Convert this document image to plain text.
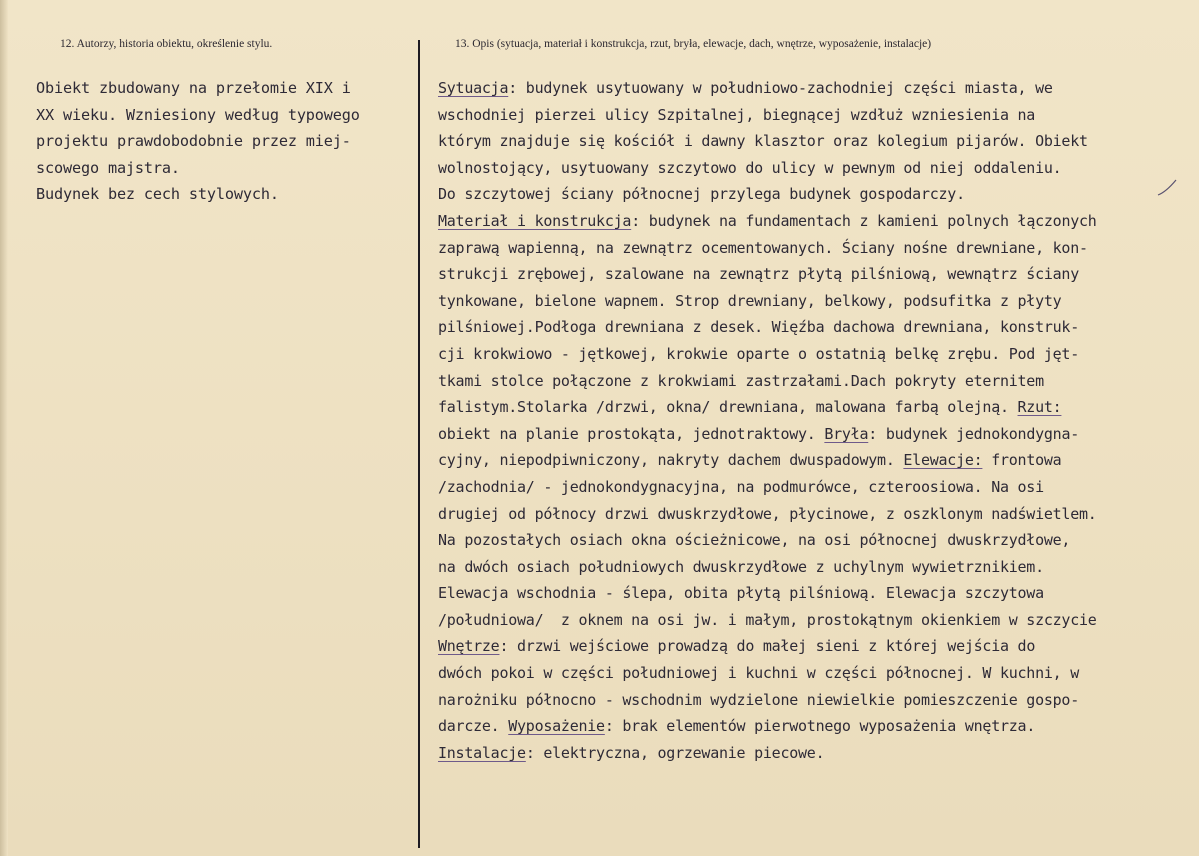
12. Autorzy, historia obiektu, określenie stylu.	13. Opis (sytuacja, materiał i konstrukcja, rzut, bryła, elewacje, dach, wnętrze, wyposażenie, instalacje)
Obiekt zbudowany na przełomie XIX i
XX wieku. Wzniesiony według typowego
projektu prawdobodobnie przez miej-
scowego majstra.
Budynek bez cech stylowych.
Sytuacja: budynek usytuowany w południowo-zachodniej części miasta, we
wschodniej pierzei ulicy Szpitalnej, biegnącej wzdłuż wzniesienia na
którym znajduje się kościół i dawny klasztor oraz kolegium pijarów. Obiekt
wolnostojący, usytuowany szczytowo do ulicy w pewnym od niej oddaleniu.
Do szczytowej ściany północnej przylega budynek gospodarczy.
Materiał i konstrukcja: budynek na fundamentach z kamieni polnych łączonych
zaprawą wapienną, na zewnątrz ocementowanych. Ściany nośne drewniane, kon-
strukcji zrębowej, szalowane na zewnątrz płytą pilśniową, wewnątrz ściany
tynkowane, bielone wapnem. Strop drewniany, belkowy, podsufitka z płyty
pilśniowej.Podłoga drewniana z desek. Więźba dachowa drewniana, konstruk-
cji krokwiowo - jętkowej, krokwie oparte o ostatnią belkę zrębu. Pod jęt-
tkami stolce połączone z krokwiami zastrzałami.Dach pokryty eternitem
falistym.Stolarka /drzwi, okna/ drewniana, malowana farbą olejną. Rzut:
obiekt na planie prostokąta, jednotraktowy. Bryła: budynek jednokondygna-
cyjny, niepodpiwniczony, nakryty dachem dwuspadowym. Elewacje: frontowa
/zachodnia/ - jednokondygnacyjna, na podmurówce, czteroosiowa. Na osi
drugiej od północy drzwi dwuskrzydłowe, płycinowe, z oszklonym nadświetlem.
Na pozostałych osiach okna ościeżnicowe, na osi północnej dwuskrzydłowe,
na dwóch osiach południowych dwuskrzydłowe z uchylnym wywietrznikiem.
Elewacja wschodnia - ślepa, obita płytą pilśniową. Elewacja szczytowa
/południowa/  z oknem na osi jw. i małym, prostokątnym okienkiem w szczycie
Wnętrze: drzwi wejściowe prowadzą do małej sieni z której wejścia do
dwóch pokoi w części południowej i kuchni w części północnej. W kuchni, w
narożniku północno - wschodnim wydzielone niewielkie pomieszczenie gospo-
darcze. Wyposażenie: brak elementów pierwotnego wyposażenia wnętrza.
Instalacje: elektryczna, ogrzewanie piecowe.
